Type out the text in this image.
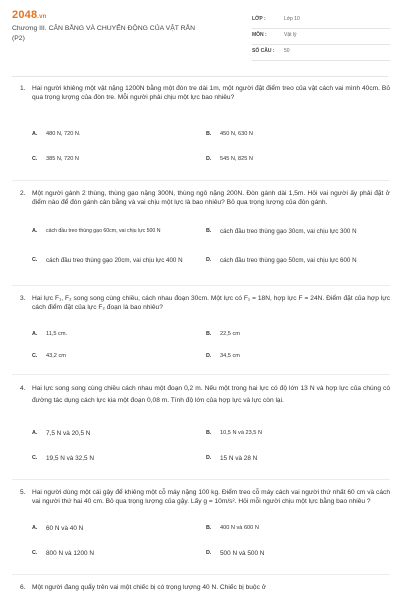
2048.vn
Chương III. CÂN BẰNG VÀ CHUYỂN ĐỘNG CỦA VẬT RẮN
(P2)
LỚP :	Lớp 10
MÔN :	Vật lý
SỐ CÂU : 50
1. Hai người khiêng một vật nặng 1200N bằng một đòn tre dài 1m, một người đặt điểm treo của vật cách vai mình 40cm. Bỏ qua trọng lượng của đòn tre. Mỗi người phải chịu một lực bao nhiêu?
A.	480 N, 720 N.	B.	450 N, 630 N
C.	385 N, 720 N	D.	545 N, 825 N
2. Một người gánh 2 thùng, thùng gạo nặng 300N, thùng ngô nặng 200N. Đòn gánh dài 1,5m. Hỏi vai người ấy phải đặt ở điểm nào để đòn gánh cân bằng và vai chịu một lực là bao nhiêu? Bỏ qua trọng lượng của đòn gánh.
A.	cách đầu treo thùng gạo 60cm, vai chịu lực 500 N	B.	cách đầu treo thùng gạo 30cm, vai chịu lực 300 N
C.	cách đầu treo thùng gạo 20cm, vai chịu lực 400 N	D.	cách đầu treo thùng gạo 50cm, vai chịu lực 600 N
3. Hai lực F₁, F₂ song song cùng chiều, cách nhau đoạn 30cm. Một lực có F₁ = 18N, hợp lực F = 24N. Điểm đặt của hợp lực cách điểm đặt của lực F₂ đoạn là bao nhiêu?
A.	11,5 cm.	B.	22,5 cm
C.	43,2 cm	D.	34,5 cm
4. Hai lực song song cùng chiều cách nhau một đoạn 0,2 m. Nếu một trong hai lực có độ lớn 13 N và hợp lực của chúng có đường tác dụng cách lực kia một đoạn 0,08 m. Tính độ lớn của hợp lực và lực còn lại.
A.	7,5 N và 20,5 N	B.	10,5 N và 23,5 N
C.	19,5 N và 32,5 N	D.	15 N và 28 N
5. Hai người dùng một cái gậy để khiêng một cỗ máy nặng 100 kg. Điểm treo cỗ máy cách vai người thứ nhất 60 cm và cách vai người thứ hai 40 cm. Bỏ qua trọng lượng của gậy. Lấy g = 10m/s². Hỏi mỗi người chịu một lực bằng bao nhiêu ?
A.	60 N và 40 N	B.	400 N và 600 N
C.	800 N và 1200 N	D.	500 N và 500 N
6. Một người đang quẩy trên vai một chiếc bị có trọng lượng 40 N. Chiếc bị buộc ở
